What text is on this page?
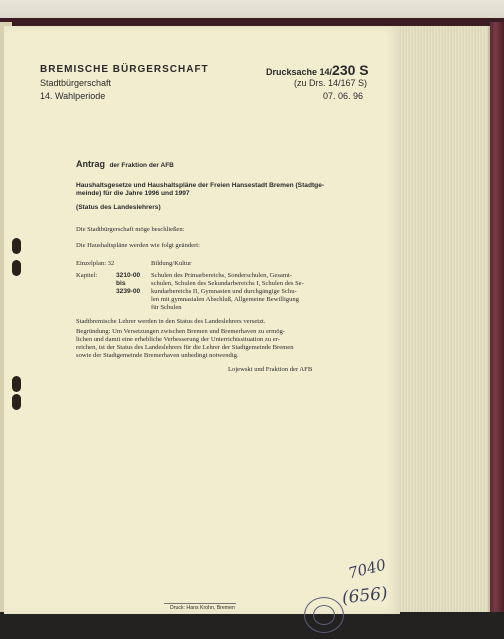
BREMISCHE BÜRGERSCHAFT
Stadtbürgerschaft
14. Wahlperiode
Drucksache 14/230 S
(zu Drs. 14/167 S)
07. 06. 96
Antrag der Fraktion der AFB
Haushaltsgesetze und Haushaltspläne der Freien Hansestadt Bremen (Stadtge-
meinde) für die Jahre 1996 und 1997
(Status des Landeslehrers)
Die Stadtbürgerschaft möge beschließen:
Die Haushaltspläne werden wie folgt geändert:
Einzelplan: 32	Bildung/Kultur
Kapitel:	3210-00
bis
3239-00
Schulen des Primarbereichs, Sonderschulen, Gesamt-
schulen, Schulen des Sekundarbereichs I, Schulen des Se-
kundarbereichs II, Gymnasien und durchgängige Schu-
len mit gymnasialen Abschluß, Allgemeine Bewilligung
für Schulen
Stadtbremische Lehrer werden in den Status des Landeslehrers versetzt.
Begründung: Um Versetzungen zwischen Bremen und Bremerhaven zu ermög-
lichen und damit eine erhebliche Verbesserung der Unterrichtssituation zu er-
reichen, ist der Status des Landeslehrers für die Lehrer der Stadtgemeinde Bremen
sowie der Stadtgemeinde Bremerhaven unbedingt notwendig.
Lojewski und Fraktion der AFB
Druck: Hans Krohn, Bremen
7040
(656)
